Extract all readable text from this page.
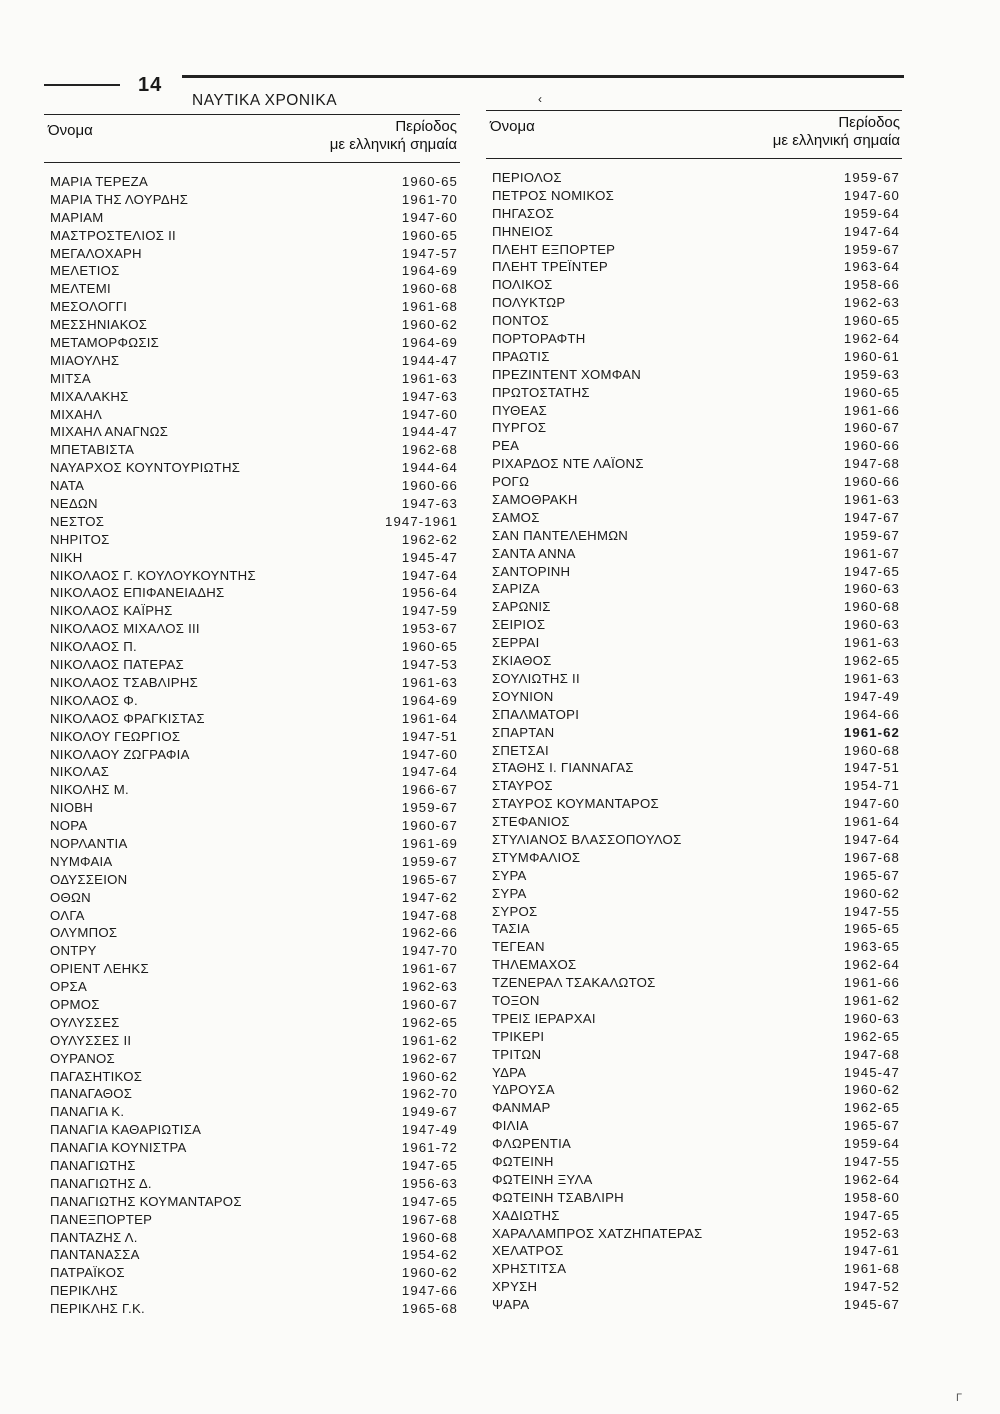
14
ΝΑΥΤΙΚΑ ΧΡΟΝΙΚΑ	‹
Όνομα	Περίοδος
με ελληνική σημαία
Όνομα	Περίοδος
με ελληνική σημαία
ΜΑΡΙΑ ΤΕΡΕΖΑ	1960-65
ΜΑΡΙΑ ΤΗΣ ΛΟΥΡΔΗΣ	1961-70
ΜΑΡΙΑΜ	1947-60
ΜΑΣΤΡΟΣΤΕΛΙΟΣ ΙΙ	1960-65
ΜΕΓΑΛΟΧΑΡΗ	1947-57
ΜΕΛΕΤΙΟΣ	1964-69
ΜΕΛΤΕΜΙ	1960-68
ΜΕΣΟΛΟΓΓΙ	1961-68
ΜΕΣΣΗΝΙΑΚΟΣ	1960-62
ΜΕΤΑΜΟΡΦΩΣΙΣ	1964-69
ΜΙΑΟΥΛΗΣ	1944-47
ΜΙΤΣΑ	1961-63
ΜΙΧΑΛΑΚΗΣ	1947-63
ΜΙΧΑΗΛ	1947-60
ΜΙΧΑΗΛ ΑΝΑΓΝΩΣ	1944-47
ΜΠΕΤΑΒΙΣΤΑ	1962-68
ΝΑΥΑΡΧΟΣ ΚΟΥΝΤΟΥΡΙΩΤΗΣ	1944-64
ΝΑΤΑ	1960-66
ΝΕΔΩΝ	1947-63
ΝΕΣΤΟΣ	1947-1961
ΝΗΡΙΤΟΣ	1962-62
ΝΙΚΗ	1945-47
ΝΙΚΟΛΑΟΣ Γ. ΚΟΥΛΟΥΚΟΥΝΤΗΣ	1947-64
ΝΙΚΟΛΑΟΣ ΕΠΙΦΑΝΕΙΑΔΗΣ	1956-64
ΝΙΚΟΛΑΟΣ ΚΑΪΡΗΣ	1947-59
ΝΙΚΟΛΑΟΣ ΜΙΧΑΛΟΣ ΙΙΙ	1953-67
ΝΙΚΟΛΑΟΣ Π.	1960-65
ΝΙΚΟΛΑΟΣ ΠΑΤΕΡΑΣ	1947-53
ΝΙΚΟΛΑΟΣ ΤΣΑΒΛΙΡΗΣ	1961-63
ΝΙΚΟΛΑΟΣ Φ.	1964-69
ΝΙΚΟΛΑΟΣ ΦΡΑΓΚΙΣΤΑΣ	1961-64
ΝΙΚΟΛΟΥ ΓΕΩΡΓΙΟΣ	1947-51
ΝΙΚΟΛΑΟΥ ΖΩΓΡΑΦΙΑ	1947-60
ΝΙΚΟΛΑΣ	1947-64
ΝΙΚΟΛΗΣ Μ.	1966-67
ΝΙΟΒΗ	1959-67
ΝΟΡΑ	1960-67
ΝΟΡΛΑΝΤΙΑ	1961-69
ΝΥΜΦΑΙΑ	1959-67
ΟΔΥΣΣΕΙΟΝ	1965-67
ΟΘΩΝ	1947-62
ΟΛΓΑ	1947-68
ΟΛΥΜΠΟΣ	1962-66
ΟΝΤΡΥ	1947-70
ΟΡΙΕΝΤ ΛΕΗΚΣ	1961-67
ΟΡΣΑ	1962-63
ΟΡΜΟΣ	1960-67
ΟΥΛΥΣΣΕΣ	1962-65
ΟΥΛΥΣΣΕΣ ΙΙ	1961-62
ΟΥΡΑΝΟΣ	1962-67
ΠΑΓΑΣΗΤΙΚΟΣ	1960-62
ΠΑΝΑΓΑΘΟΣ	1962-70
ΠΑΝΑΓΙΑ Κ.	1949-67
ΠΑΝΑΓΙΑ ΚΑΘΑΡΙΩΤΙΣΑ	1947-49
ΠΑΝΑΓΙΑ ΚΟΥΝΙΣΤΡΑ	1961-72
ΠΑΝΑΓΙΩΤΗΣ	1947-65
ΠΑΝΑΓΙΩΤΗΣ Δ.	1956-63
ΠΑΝΑΓΙΩΤΗΣ ΚΟΥΜΑΝΤΑΡΟΣ	1947-65
ΠΑΝΕΞΠΟΡΤΕΡ	1967-68
ΠΑΝΤΑΖΗΣ Λ.	1960-68
ΠΑΝΤΑΝΑΣΣΑ	1954-62
ΠΑΤΡΑΪΚΟΣ	1960-62
ΠΕΡΙΚΛΗΣ	1947-66
ΠΕΡΙΚΛΗΣ Γ.Κ.	1965-68
ΠΕΡΙΟΛΟΣ	1959-67
ΠΕΤΡΟΣ ΝΟΜΙΚΟΣ	1947-60
ΠΗΓΑΣΟΣ	1959-64
ΠΗΝΕΙΟΣ	1947-64
ΠΛΕΗΤ ΕΞΠΟΡΤΕΡ	1959-67
ΠΛΕΗΤ ΤΡΕΪΝΤΕΡ	1963-64
ΠΟΛΙΚΟΣ	1958-66
ΠΟΛΥΚΤΩΡ	1962-63
ΠΟΝΤΟΣ	1960-65
ΠΟΡΤΟΡΑΦΤΗ	1962-64
ΠΡΑΩΤΙΣ	1960-61
ΠΡΕΖΙΝΤΕΝΤ ΧΟΜΦΑΝ	1959-63
ΠΡΩΤΟΣΤΑΤΗΣ	1960-65
ΠΥΘΕΑΣ	1961-66
ΠΥΡΓΟΣ	1960-67
ΡΕΑ	1960-66
ΡΙΧΑΡΔΟΣ ΝΤΕ ΛΑΪΟΝΣ	1947-68
ΡΟΓΩ	1960-66
ΣΑΜΟΘΡΑΚΗ	1961-63
ΣΑΜΟΣ	1947-67
ΣΑΝ ΠΑΝΤΕΛΕΗΜΩΝ	1959-67
ΣΑΝΤΑ ΑΝΝΑ	1961-67
ΣΑΝΤΟΡΙΝΗ	1947-65
ΣΑΡΙΖΑ	1960-63
ΣΑΡΩΝΙΣ	1960-68
ΣΕΙΡΙΟΣ	1960-63
ΣΕΡΡΑΙ	1961-63
ΣΚΙΑΘΟΣ	1962-65
ΣΟΥΛΙΩΤΗΣ ΙΙ	1961-63
ΣΟΥΝΙΟΝ	1947-49
ΣΠΑΛΜΑΤΟΡΙ	1964-66
ΣΠΑΡΤΑΝ	1961-62
ΣΠΕΤΣΑΙ	1960-68
ΣΤΑΘΗΣ Ι. ΓΙΑΝΝΑΓΑΣ	1947-51
ΣΤΑΥΡΟΣ	1954-71
ΣΤΑΥΡΟΣ ΚΟΥΜΑΝΤΑΡΟΣ	1947-60
ΣΤΕΦΑΝΙΟΣ	1961-64
ΣΤΥΛΙΑΝΟΣ ΒΛΑΣΣΟΠΟΥΛΟΣ	1947-64
ΣΤΥΜΦΑΛΙΟΣ	1967-68
ΣΥΡΑ	1965-67
ΣΥΡΑ	1960-62
ΣΥΡΟΣ	1947-55
ΤΑΣΙΑ	1965-65
ΤΕΓΕΑΝ	1963-65
ΤΗΛΕΜΑΧΟΣ	1962-64
ΤΖΕΝΕΡΑΛ ΤΣΑΚΑΛΩΤΟΣ	1961-66
ΤΟΞΟΝ	1961-62
ΤΡΕΙΣ ΙΕΡΑΡΧΑΙ	1960-63
ΤΡΙΚΕΡΙ	1962-65
ΤΡΙΤΩΝ	1947-68
ΥΔΡΑ	1945-47
ΥΔΡΟΥΣΑ	1960-62
ΦΑΝΜΑΡ	1962-65
ΦΙΛΙΑ	1965-67
ΦΛΩΡΕΝΤΙΑ	1959-64
ΦΩΤΕΙΝΗ	1947-55
ΦΩΤΕΙΝΗ ΞΥΛΑ	1962-64
ΦΩΤΕΙΝΗ ΤΣΑΒΛΙΡΗ	1958-60
ΧΑΔΙΩΤΗΣ	1947-65
ΧΑΡΑΛΑΜΠΡΟΣ ΧΑΤΖΗΠΑΤΕΡΑΣ	1952-63
ΧΕΛΑΤΡΟΣ	1947-61
ΧΡΗΣΤΙΤΣΑ	1961-68
ΧΡΥΣΗ	1947-52
ΨΑΡΑ	1945-67
Γ
